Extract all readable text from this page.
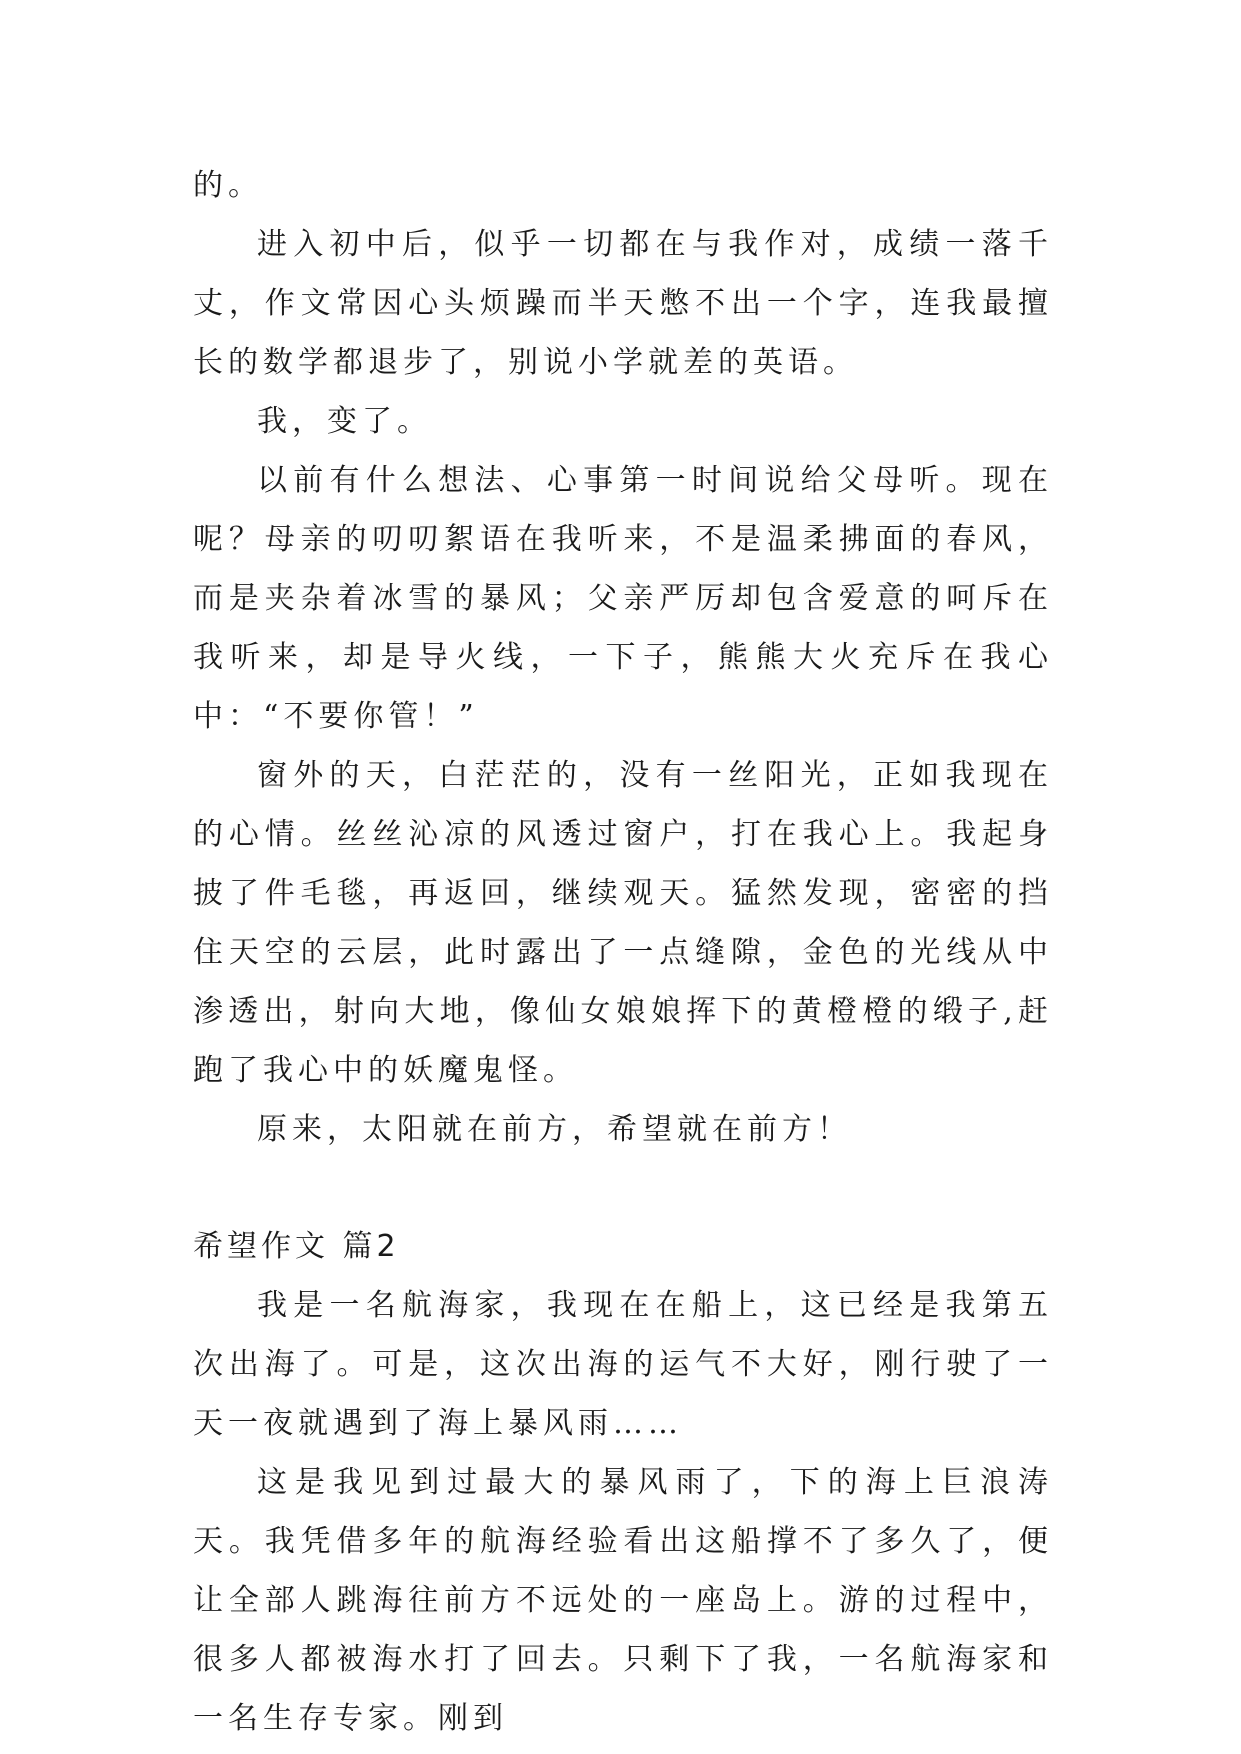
的。

进入初中后，似乎一切都在与我作对，成绩一落千丈，作文常因心头烦躁而半天憋不出一个字，连我最擅长的数学都退步了，别说小学就差的英语。

我，变了。

以前有什么想法、心事第一时间说给父母听。现在呢？母亲的叨叨絮语在我听来，不是温柔拂面的春风，而是夹杂着冰雪的暴风；父亲严厉却包含爱意的呵斥在我听来，却是导火线，一下子，熊熊大火充斥在我心中：“不要你管！”

窗外的天，白茫茫的，没有一丝阳光，正如我现在的心情。丝丝沁凉的风透过窗户，打在我心上。我起身披了件毛毯，再返回，继续观天。猛然发现，密密的挡住天空的云层，此时露出了一点缝隙，金色的光线从中渗透出，射向大地，像仙女娘娘挥下的黄橙橙的缎子,赶跑了我心中的妖魔鬼怪。

原来，太阳就在前方，希望就在前方！

希望作文 篇2

我是一名航海家，我现在在船上，这已经是我第五次出海了。可是，这次出海的运气不大好，刚行驶了一天一夜就遇到了海上暴风雨……

这是我见到过最大的暴风雨了，下的海上巨浪涛天。我凭借多年的航海经验看出这船撑不了多久了，便让全部人跳海往前方不远处的一座岛上。游的过程中，很多人都被海水打了回去。只剩下了我，一名航海家和一名生存专家。刚到
